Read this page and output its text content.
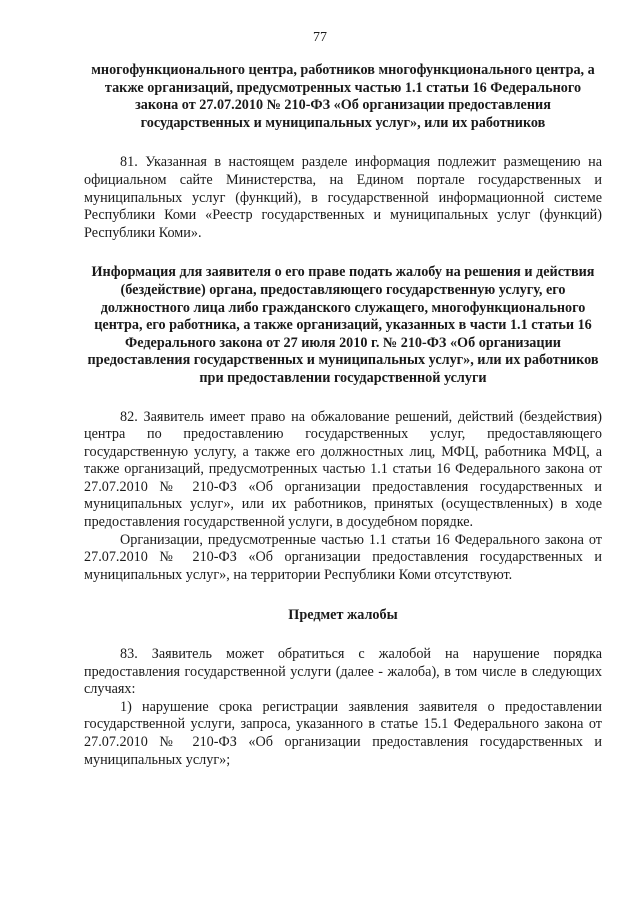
77

многофункционального центра, работников многофункционального центра, а также организаций, предусмотренных частью 1.1 статьи 16 Федерального закона от 27.07.2010 № 210-ФЗ «Об организации предоставления государственных и муниципальных услуг», или их работников

81. Указанная в настоящем разделе информация подлежит размещению на официальном сайте Министерства, на Едином портале государственных и муниципальных услуг (функций), в государственной информационной системе Республики Коми «Реестр государственных и муниципальных услуг (функций) Республики Коми».

Информация для заявителя о его праве подать жалобу на решения и действия (бездействие) органа, предоставляющего государственную услугу, его должностного лица либо гражданского служащего, многофункционального центра, его работника, а также организаций, указанных в части 1.1 статьи 16 Федерального закона от 27 июля 2010 г. № 210-ФЗ «Об организации предоставления государственных и муниципальных услуг», или их работников при предоставлении государственной услуги

82. Заявитель имеет право на обжалование решений, действий (бездействия) центра по предоставлению государственных услуг, предоставляющего государственную услугу, а также его должностных лиц, МФЦ, работника МФЦ, а также организаций, предусмотренных частью 1.1 статьи 16 Федерального закона от 27.07.2010 № 210-ФЗ «Об организации предоставления государственных и муниципальных услуг», или их работников, принятых (осуществленных) в ходе предоставления государственной услуги, в досудебном порядке.

Организации, предусмотренные частью 1.1 статьи 16 Федерального закона от 27.07.2010 № 210-ФЗ «Об организации предоставления государственных и муниципальных услуг», на территории Республики Коми отсутствуют.

Предмет жалобы

83. Заявитель может обратиться с жалобой на нарушение порядка предоставления государственной услуги (далее - жалоба), в том числе в следующих случаях:

1) нарушение срока регистрации заявления заявителя о предоставлении государственной услуги, запроса, указанного в статье 15.1 Федерального закона от 27.07.2010 № 210-ФЗ «Об организации предоставления государственных и муниципальных услуг»;
